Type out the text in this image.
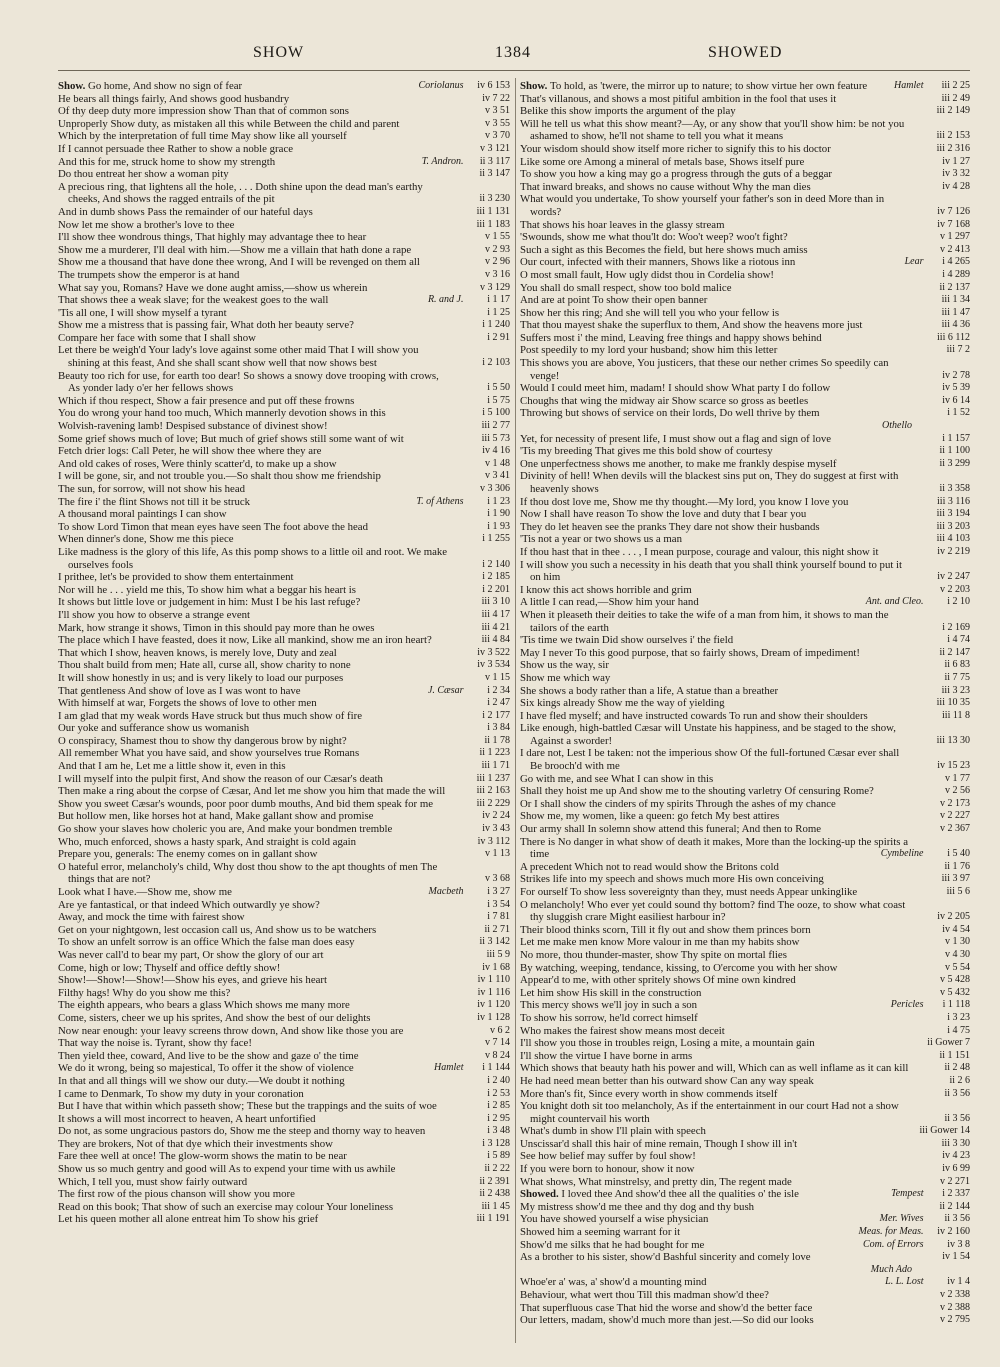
SHOW	1384	SHOWED

Show. Go home, And show no sign of fear	Coriolanus iv 6 153

He bears all things fairly, And shows good husbandry	iv 7 22

Of thy deep duty more impression show Than that of common sons	v 3 51

Unproperly Show duty, as mistaken all this while Between the child and parent	v 3 55

Which by the interpretation of full time May show like all yourself	v 3 70

If I cannot persuade thee Rather to show a noble grace	v 3 121

And this for me, struck home to show my strength	T. Andron. ii 3 117

Do thou entreat her show a woman pity	ii 3 147

A precious ring, that lightens all the hole, . . . Doth shine upon the dead man's earthy cheeks, And shows the ragged entrails of the pit	ii 3 230

And in dumb shows Pass the remainder of our hateful days	iii 1 131

Now let me show a brother's love to thee	iii 1 183

I'll show thee wondrous things, That highly may advantage thee to hear	v 1 55

Show me a murderer, I'll deal with him.—Show me a villain that hath done a rape	v 2 93

Show me a thousand that have done thee wrong, And I will be revenged on them all	v 2 96

The trumpets show the emperor is at hand	v 3 16

What say you, Romans? Have we done aught amiss,—show us wherein	v 3 129

That shows thee a weak slave; for the weakest goes to the wall	R. and J. i 1 17

'Tis all one, I will show myself a tyrant	i 1 25

Show me a mistress that is passing fair, What doth her beauty serve?	i 1 240

Compare her face with some that I shall show	i 2 91

Let there be weigh'd Your lady's love against some other maid That I will show you shining at this feast, And she shall scant show well that now shows best	i 2 103

Beauty too rich for use, for earth too dear! So shows a snowy dove trooping with crows, As yonder lady o'er her fellows shows	i 5 50

Which if thou respect, Show a fair presence and put off these frowns	i 5 75

You do wrong your hand too much, Which mannerly devotion shows in this	i 5 100

Wolvish-ravening lamb! Despised substance of divinest show!	iii 2 77

Some grief shows much of love; But much of grief shows still some want of wit	iii 5 73

Fetch drier logs: Call Peter, he will show thee where they are	iv 4 16

And old cakes of roses, Were thinly scatter'd, to make up a show	v 1 48

I will be gone, sir, and not trouble you.—So shalt thou show me friendship	v 3 41

The sun, for sorrow, will not show his head	v 3 306

The fire i' the flint Shows not till it be struck	T. of Athens i 1 23

A thousand moral paintings I can show	i 1 90

To show Lord Timon that mean eyes have seen The foot above the head	i 1 93

When dinner's done, Show me this piece	i 1 255

Like madness is the glory of this life, As this pomp shows to a little oil and root. We make ourselves fools	i 2 140

I prithee, let's be provided to show them entertainment	i 2 185

Nor will he . . . yield me this, To show him what a beggar his heart is	i 2 201

It shows but little love or judgement in him: Must I be his last refuge?	iii 3 10

I'll show you how to observe a strange event	iii 4 17

Mark, how strange it shows, Timon in this should pay more than he owes	iii 4 21

The place which I have feasted, does it now, Like all mankind, show me an iron heart?	iii 4 84

That which I show, heaven knows, is merely love, Duty and zeal	iv 3 522

Thou shalt build from men; Hate all, curse all, show charity to none	iv 3 534

It will show honestly in us; and is very likely to load our purposes	v 1 15

That gentleness And show of love as I was wont to have	J. Cæsar i 2 34

With himself at war, Forgets the shows of love to other men	i 2 47

I am glad that my weak words Have struck but thus much show of fire	i 2 177

Our yoke and sufferance show us womanish	i 3 84

O conspiracy, Shamest thou to show thy dangerous brow by night?	ii 1 78

All remember What you have said, and show yourselves true Romans	ii 1 223

And that I am he, Let me a little show it, even in this	iii 1 71

I will myself into the pulpit first, And show the reason of our Cæsar's death	iii 1 237

Then make a ring about the corpse of Cæsar, And let me show you him that made the will	iii 2 163

Show you sweet Cæsar's wounds, poor poor dumb mouths, And bid them speak for me	iii 2 229

But hollow men, like horses hot at hand, Make gallant show and promise	iv 2 24

Go show your slaves how choleric you are, And make your bondmen tremble	iv 3 43

Who, much enforced, shows a hasty spark, And straight is cold again	iv 3 112

Prepare you, generals: The enemy comes on in gallant show	v 1 13

O hateful error, melancholy's child, Why dost thou show to the apt thoughts of men The things that are not?	v 3 68

Look what I have.—Show me, show me	Macbeth i 3 27

Are ye fantastical, or that indeed Which outwardly ye show?	i 3 54

Away, and mock the time with fairest show	i 7 81

Get on your nightgown, lest occasion call us, And show us to be watchers	ii 2 71

To show an unfelt sorrow is an office Which the false man does easy	ii 3 142

Was never call'd to bear my part, Or show the glory of our art	iii 5 9

Come, high or low; Thyself and office deftly show!	iv 1 68

Show!—Show!—Show!—Show his eyes, and grieve his heart	iv 1 110

Filthy hags! Why do you show me this?	iv 1 116

The eighth appears, who bears a glass Which shows me many more	iv 1 120

Come, sisters, cheer we up his sprites, And show the best of our delights	iv 1 128

Now near enough: your leavy screens throw down, And show like those you are	v 6 2

That way the noise is. Tyrant, show thy face!	v 7 14

Then yield thee, coward, And live to be the show and gaze o' the time	v 8 24

We do it wrong, being so majestical, To offer it the show of violence	Hamlet i 1 144

In that and all things will we show our duty.—We doubt it nothing	i 2 40

I came to Denmark, To show my duty in your coronation	i 2 53

But I have that within which passeth show; These but the trappings and the suits of woe	i 2 85

It shows a will most incorrect to heaven, A heart unfortified	i 2 95

Do not, as some ungracious pastors do, Show me the steep and thorny way to heaven	i 3 48

They are brokers, Not of that dye which their investments show	i 3 128

Fare thee well at once! The glow-worm shows the matin to be near	i 5 89

Show us so much gentry and good will As to expend your time with us awhile	ii 2 22

Which, I tell you, must show fairly outward	ii 2 391

The first row of the pious chanson will show you more	ii 2 438

Read on this book; That show of such an exercise may colour Your loneliness	iii 1 45

Let his queen mother all alone entreat him To show his grief	iii 1 191

Show. To hold, as 'twere, the mirror up to nature; to show virtue her own feature	Hamlet iii 2 25

That's villanous, and shows a most pitiful ambition in the fool that uses it	iii 2 49

Belike this show imports the argument of the play	iii 2 149

Will he tell us what this show meant?—Ay, or any show that you'll show him: be not you ashamed to show, he'll not shame to tell you what it means	iii 2 153

Your wisdom should show itself more richer to signify this to his doctor	iii 2 316

Like some ore Among a mineral of metals base, Shows itself pure	iv 1 27

To show you how a king may go a progress through the guts of a beggar	iv 3 32

That inward breaks, and shows no cause without Why the man dies	iv 4 28

What would you undertake, To show yourself your father's son in deed More than in words?	iv 7 126

That shows his hoar leaves in the glassy stream	iv 7 168

'Swounds, show me what thou'lt do: Woo't weep? woo't fight?	v 1 297

Such a sight as this Becomes the field, but here shows much amiss	v 2 413

Our court, infected with their manners, Shows like a riotous inn	Lear i 4 265

O most small fault, How ugly didst thou in Cordelia show!	i 4 289

You shall do small respect, show too bold malice	ii 2 137

And are at point To show their open banner	iii 1 34

Show her this ring; And she will tell you who your fellow is	iii 1 47

That thou mayest shake the superflux to them, And show the heavens more just	iii 4 36

Suffers most i' the mind, Leaving free things and happy shows behind	iii 6 112

Post speedily to my lord your husband; show him this letter	iii 7 2

This shows you are above, You justicers, that these our nether crimes So speedily can venge!	iv 2 78

Would I could meet him, madam! I should show What party I do follow	iv 5 39

Choughs that wing the midway air Show scarce so gross as beetles	iv 6 14

Throwing but shows of service on their lords, Do well thrive by them	i 1 52

Othello

Yet, for necessity of present life, I must show out a flag and sign of love	i 1 157

'Tis my breeding That gives me this bold show of courtesy	ii 1 100

One unperfectness shows me another, to make me frankly despise myself	ii 3 299

Divinity of hell! When devils will the blackest sins put on, They do suggest at first with heavenly shows	ii 3 358

If thou dost love me, Show me thy thought.—My lord, you know I love you	iii 3 116

Now I shall have reason To show the love and duty that I bear you	iii 3 194

They do let heaven see the pranks They dare not show their husbands	iii 3 203

'Tis not a year or two shows us a man	iii 4 103

If thou hast that in thee . . . , I mean purpose, courage and valour, this night show it	iv 2 219

I will show you such a necessity in his death that you shall think yourself bound to put it on him	iv 2 247

I know this act shows horrible and grim	v 2 203

A little I can read,—Show him your hand	Ant. and Cleo. i 2 10

When it pleaseth their deities to take the wife of a man from him, it shows to man the tailors of the earth	i 2 169

'Tis time we twain Did show ourselves i' the field	i 4 74

May I never To this good purpose, that so fairly shows, Dream of impediment!	ii 2 147

Show us the way, sir	ii 6 83

Show me which way	ii 7 75

She shows a body rather than a life, A statue than a breather	iii 3 23

Six kings already Show me the way of yielding	iii 10 35

I have fled myself; and have instructed cowards To run and show their shoulders	iii 11 8

Like enough, high-battled Cæsar will Unstate his happiness, and be staged to the show, Against a sworder!	iii 13 30

I dare not, Lest I be taken: not the imperious show Of the full-fortuned Cæsar ever shall Be brooch'd with me	iv 15 23

Go with me, and see What I can show in this	v 1 77

Shall they hoist me up And show me to the shouting varletry Of censuring Rome?	v 2 56

Or I shall show the cinders of my spirits Through the ashes of my chance	v 2 173

Show me, my women, like a queen: go fetch My best attires	v 2 227

Our army shall In solemn show attend this funeral; And then to Rome	v 2 367

There is No danger in what show of death it makes, More than the locking-up the spirits a time	Cymbeline i 5 40

A precedent Which not to read would show the Britons cold	ii 1 76

Strikes life into my speech and shows much more His own conceiving	iii 3 97

For ourself To show less sovereignty than they, must needs Appear unkinglike	iii 5 6

O melancholy! Who ever yet could sound thy bottom? find The ooze, to show what coast thy sluggish crare Might easiliest harbour in?	iv 2 205

Their blood thinks scorn, Till it fly out and show them princes born	iv 4 54

Let me make men know More valour in me than my habits show	v 1 30

No more, thou thunder-master, show Thy spite on mortal flies	v 4 30

By watching, weeping, tendance, kissing, to O'ercome you with her show	v 5 54

Appear'd to me, with other spritely shows Of mine own kindred	v 5 428

Let him show His skill in the construction	v 5 432

This mercy shows we'll joy in such a son	Pericles i 1 118

To show his sorrow, he'ld correct himself	i 3 23

Who makes the fairest show means most deceit	i 4 75

I'll show you those in troubles reign, Losing a mite, a mountain gain	ii Gower 7

I'll show the virtue I have borne in arms	ii 1 151

Which shows that beauty hath his power and will, Which can as well inflame as it can kill	ii 2 48

He had need mean better than his outward show Can any way speak	ii 2 6

More than's fit, Since every worth in show commends itself	ii 3 56

You knight doth sit too melancholy, As if the entertainment in our court Had not a show might countervail his worth	ii 3 56

What's dumb in show I'll plain with speech	iii Gower 14

Unscissar'd shall this hair of mine remain, Though I show ill in't	iii 3 30

See how belief may suffer by foul show!	iv 4 23

If you were born to honour, show it now	iv 6 99

What shows, What minstrelsy, and pretty din, The regent made	v 2 271

Showed. I loved thee And show'd thee all the qualities o' the isle	Tempest i 2 337

My mistress show'd me thee and thy dog and thy bush	ii 2 144

You have showed yourself a wise physician	Mer. Wives ii 3 56

Showed him a seeming warrant for it	Meas. for Meas. iv 2 160

Show'd me silks that he had bought for me	Com. of Errors iv 3 8

As a brother to his sister, show'd Bashful sincerity and comely love	iv 1 54

Much Ado

Whoe'er a' was, a' show'd a mounting mind	L. L. Lost iv 1 4

Behaviour, what wert thou Till this madman show'd thee?	v 2 338

That superfluous case That hid the worse and show'd the better face	v 2 388

Our letters, madam, show'd much more than jest.—So did our looks	v 2 795
